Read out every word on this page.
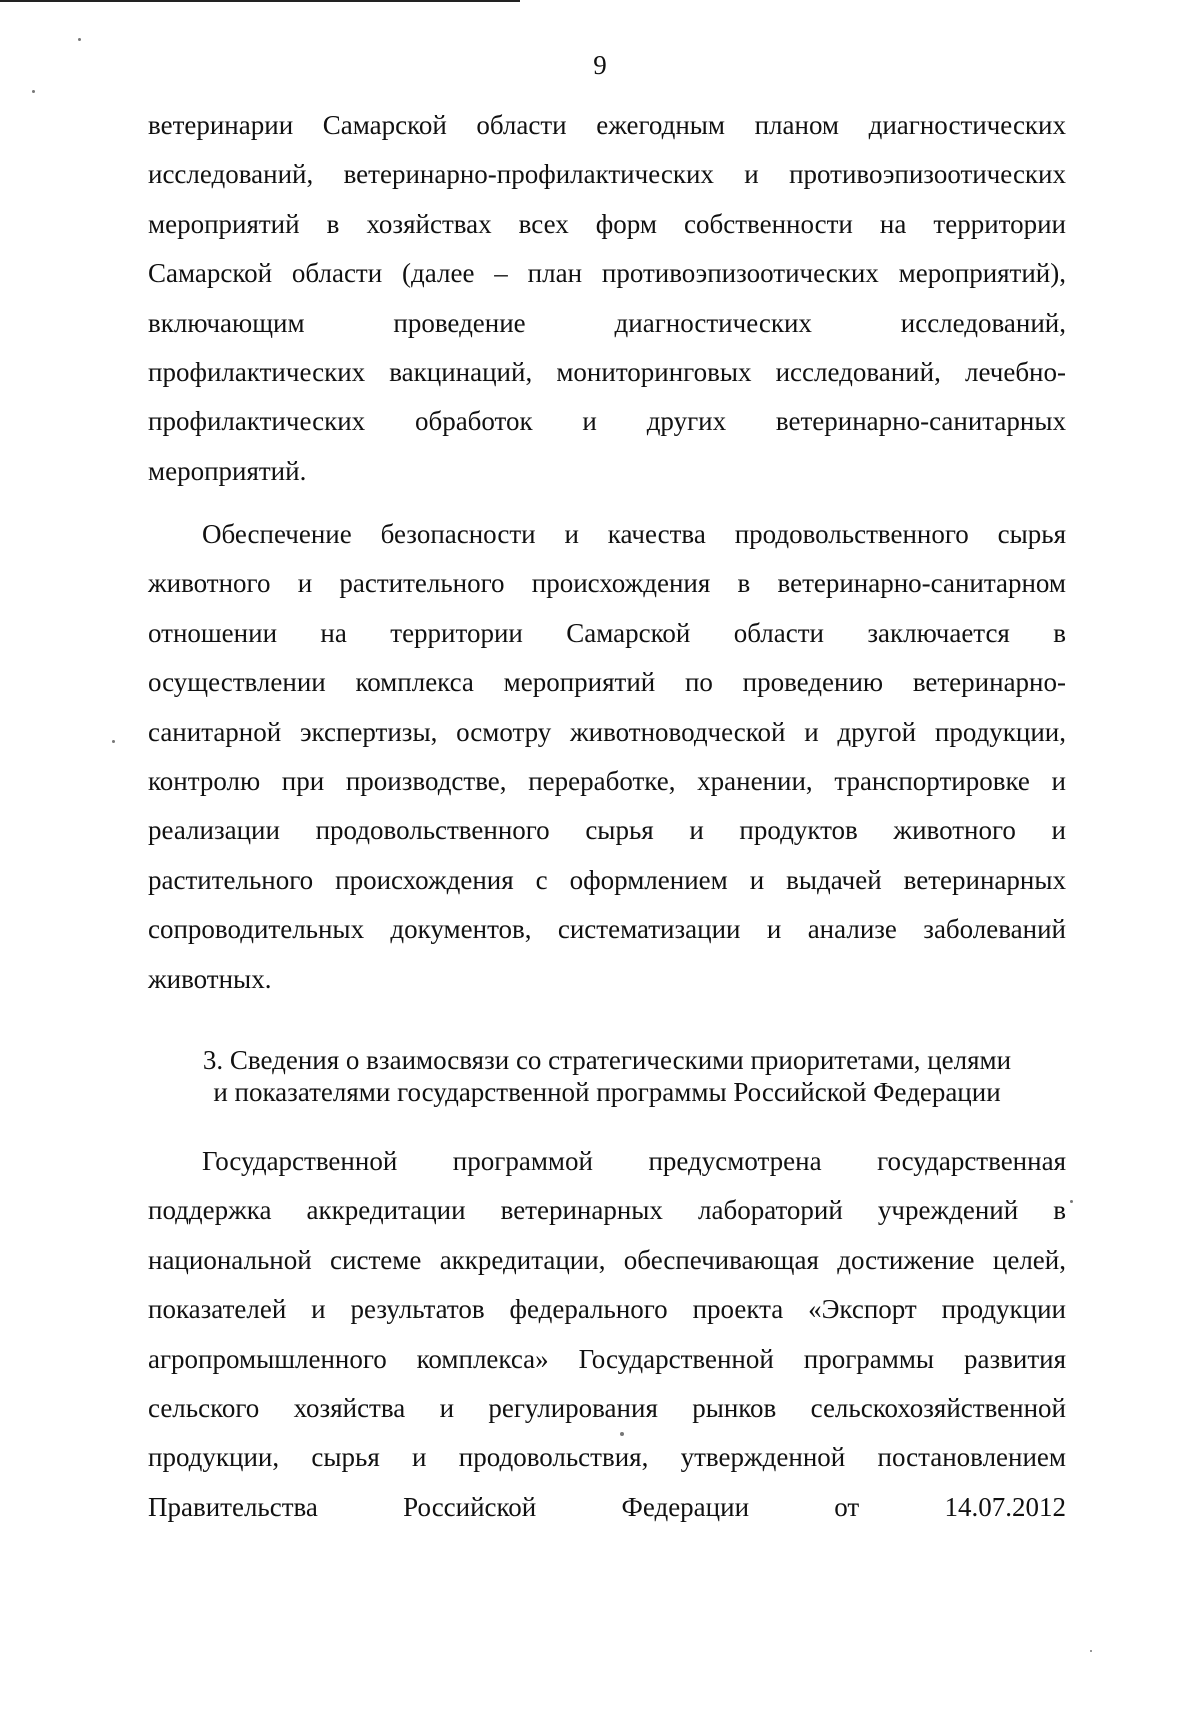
9
ветеринарии Самарской области ежегодным планом диагностических
исследований, ветеринарно-профилактических и противоэпизоотических
мероприятий в хозяйствах всех форм собственности на территории
Самарской области (далее – план противоэпизоотических мероприятий),
включающим проведение диагностических исследований,
профилактических вакцинаций, мониторинговых исследований, лечебно-
профилактических обработок и других ветеринарно-санитарных
мероприятий.
Обеспечение безопасности и качества продовольственного сырья
животного и растительного происхождения в ветеринарно-санитарном
отношении на территории Самарской области заключается в
осуществлении комплекса мероприятий по проведению ветеринарно-
санитарной экспертизы, осмотру животноводческой и другой продукции,
контролю при производстве, переработке, хранении, транспортировке и
реализации продовольственного сырья и продуктов животного и
растительного происхождения с оформлением и выдачей ветеринарных
сопроводительных документов, систематизации и анализе заболеваний
животных.
3. Сведения о взаимосвязи со стратегическими приоритетами, целями
и показателями государственной программы Российской Федерации
Государственной программой предусмотрена государственная
поддержка аккредитации ветеринарных лабораторий учреждений в
национальной системе аккредитации, обеспечивающая достижение целей,
показателей и результатов федерального проекта «Экспорт продукции
агропромышленного комплекса» Государственной программы развития
сельского хозяйства и регулирования рынков сельскохозяйственной
продукции, сырья и продовольствия, утвержденной постановлением
Правительства Российской Федерации от 14.07.2012
